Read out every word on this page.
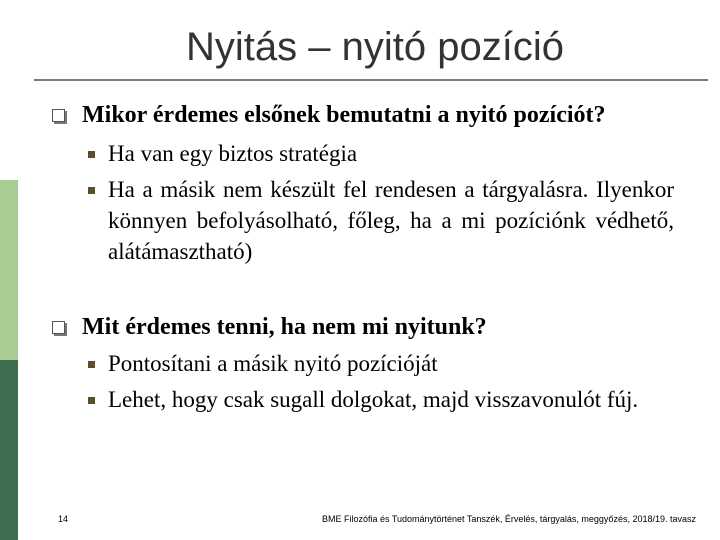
Nyitás – nyitó pozíció
Mikor érdemes elsőnek bemutatni a nyitó pozíciót?
Ha van egy biztos stratégia
Ha a másik nem készült fel rendesen a tárgyalásra. Ilyenkor könnyen befolyásolható, főleg, ha a mi pozíciónk védhető, alátámasztható)
Mit érdemes tenni, ha nem mi nyitunk?
Pontosítani a másik nyitó pozícióját
Lehet, hogy csak sugall dolgokat, majd visszavonulót fúj.
14	BME Filozófia és Tudománytörténet Tanszék, Érvelés, tárgyalás, meggyőzés, 2018/19. tavasz
